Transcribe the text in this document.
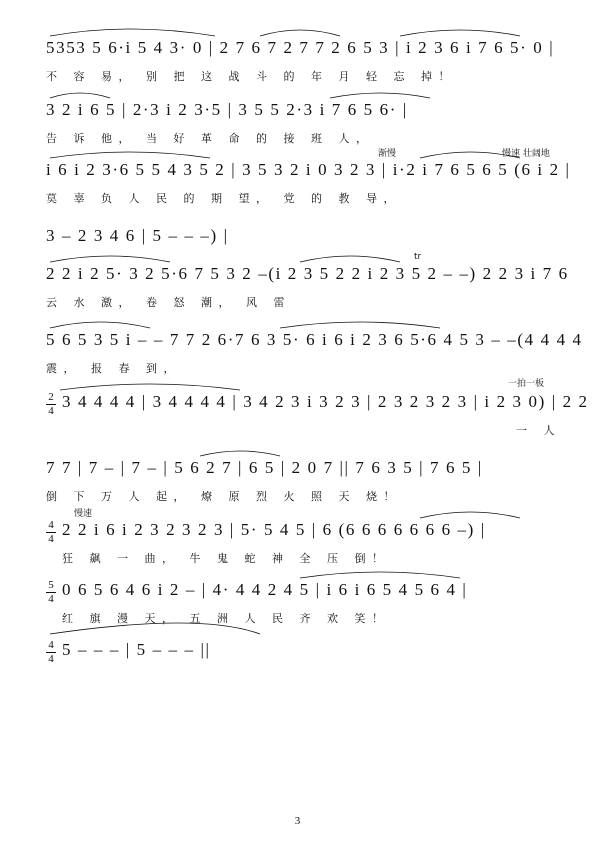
5353 5 6·i 5 4 3· 0 | 2 7 6 7 2 7 7 2 6 5 3 | i 2 3 6 i 7 6 5· 0 |
不 容 易， 别 把 这 战 斗 的 年 月 轻 忘 掉！
3 2 i 6 5 | 2·3 i 2 3·5 | 3 5 5 2·3 i 7 6 5 6· |
告 诉 他， 当 好 革 命 的 接 班 人，
渐慢	慢速 壮阔地
i 6 i 2 3·6 5 5 4 3 5 2 | 3 5 3 2 i 0 3 2 3 | i·2 i 7 6 5 6 5 (6 i 2 |
莫 辜 负 人 民 的 期 望， 党 的 教 导，
3 – 2 3 4 6 | 5 – – –) |
tr
2 2 i 2 5· 3 2 5·6 7 5 3 2 –(i 2 3 5 2 2 i 2 3 5 2 – –) 2 2 3 i 7 6
云 水 激， 卷 怒 潮， 风 雷
5 6 5 3 5 i – – 7 7 2 6·7 6 3 5· 6 i 6 i 2 3 6 5·6 4 5 3 – –(4 4 4 4
震， 报 春 到，
2
4
一拍一板
3 4 4 4 4 | 3 4 4 4 4 | 3 4 2 3 i 3 2 3 | 2 3 2 3 2 3 | i 2 3 0) | 2 2
一 人
7 7 | 7 – | 7 – | 5 6 2 7 | 6 5 | 2 0 7 || 7 6 3 5 | 7 6 5 |
倒 下 万 人 起， 燎 原 烈 火 照 天 烧！
4
4
慢速
2 2 i 6 i 2 3 2 3 2 3 | 5· 5 4 5 | 6 (6 6 6 6 6 6 6 –) |
狂 飙 一 曲， 牛 鬼 蛇 神 全 压 倒！
5
4 0 6 5 6 4 6 i 2 – | 4· 4 4 2 4 5 | i 6 i 6 5 4 5 6 4 |
红 旗 漫 天， 五 洲 人 民 齐 欢 笑！
4
4 5 – – – | 5 – – – ||
3
